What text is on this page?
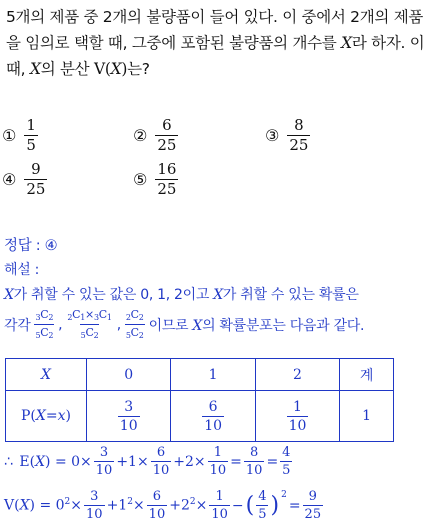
5개의 제품 중 2개의 불량품이 들어 있다. 이 중에서 2개의 제품
을 임의로 택할 때, 그중에 포함된 불량품의 개수를 X라 하자. 이
때, X의 분산 V(X)는?
① $\frac{1}{5}$	② $\frac{6}{25}$	③ $\frac{8}{25}$
④ $\frac{9}{25}$	⑤ $\frac{16}{25}$
정답 : ④
해설 :
X가 취할 수 있는 값은 0, 1, 2이고 X가 취할 수 있는 확률은
각각 $\frac{_3C_2}{_5C_2}$ , $\frac{_2C_1\times_3C_1}{_5C_2}$ , $\frac{_2C_2}{_5C_2}$ 이므로 X의 확률분포는 다음과 같다.
X	0	1	2	계
P(X=x)	$\frac{3}{10}$	$\frac{6}{10}$	$\frac{1}{10}$	1
∴ $E(X) = 0\times \frac{3}{10} +1\times \frac{6}{10} +2\times \frac{1}{10} = \frac{8}{10} = \frac{4}{5}$
$V(X) = 0^2\times \frac{3}{10} +1^2\times \frac{6}{10} +2^2\times \frac{1}{10}$ − ( $\frac{4}{5} )^2$
= $\frac{9}{25}$
